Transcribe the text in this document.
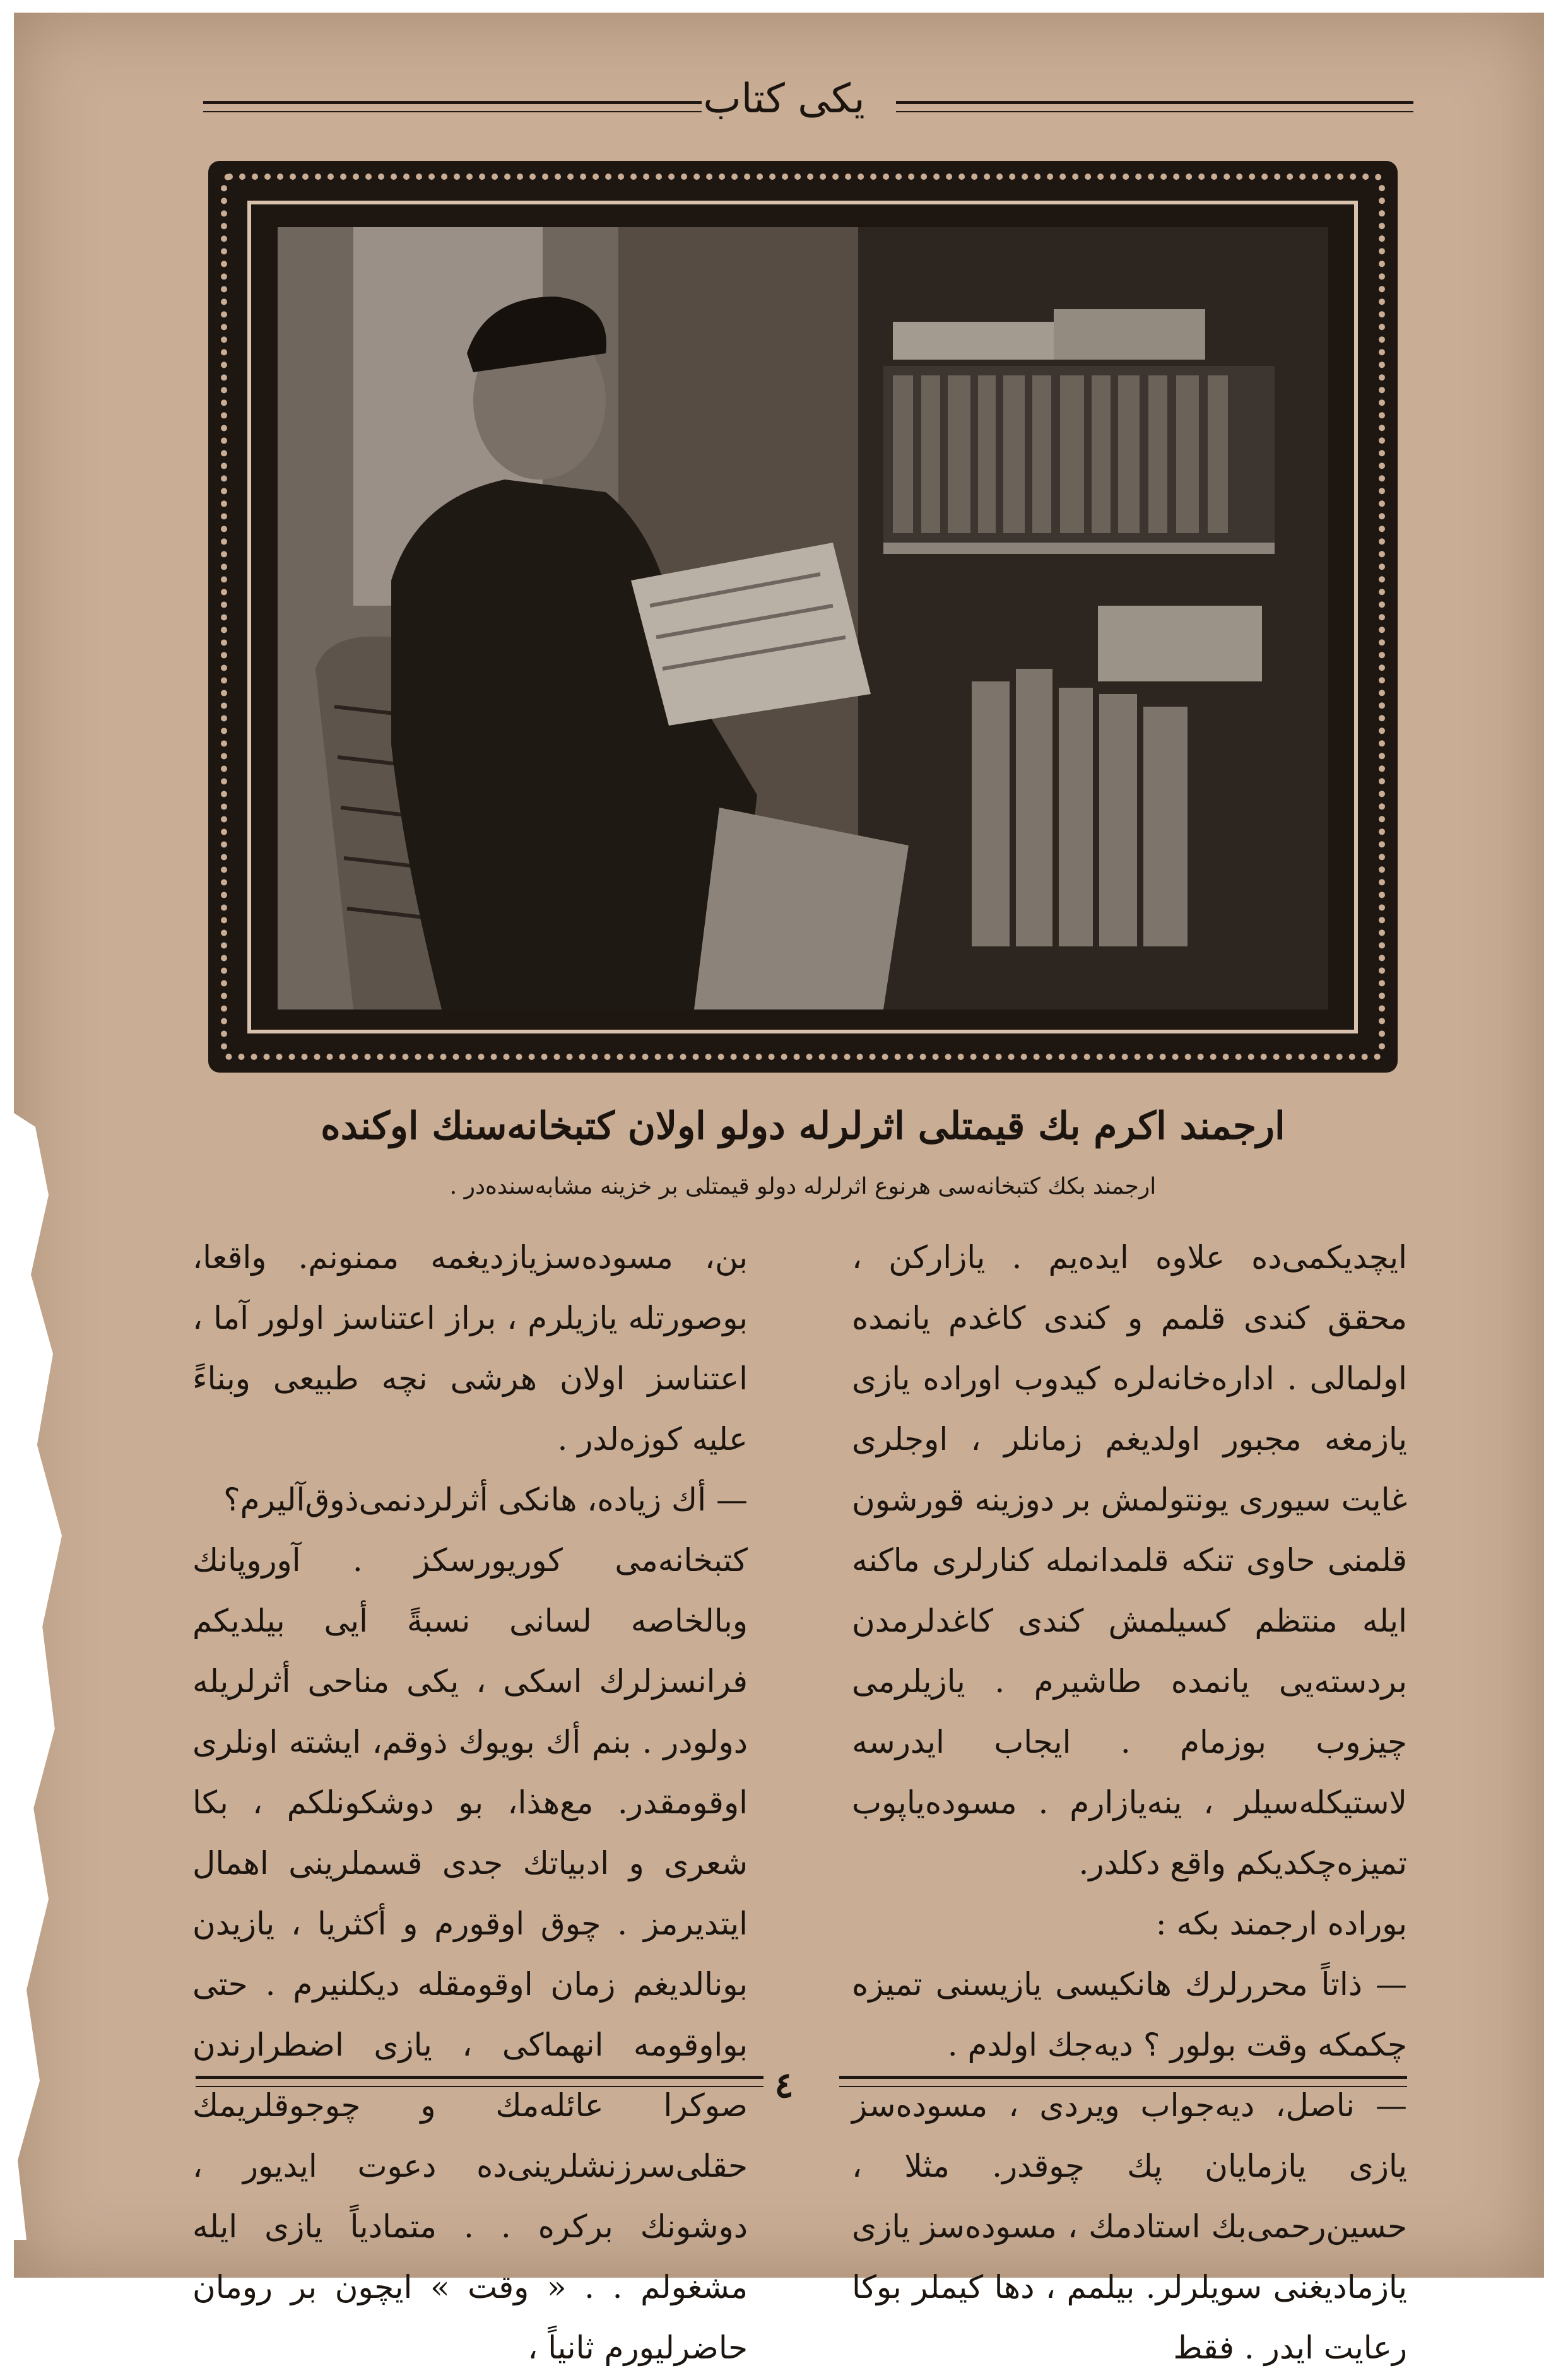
یکی کتاب
ارجمند اکرم بك قیمتلی اثرلرله دولو اولان کتبخانه‌سنك اوکنده
ارجمند بکك کتبخانه‌سی هرنوع اثرلرله دولو قیمتلی بر خزینه مشابه‌سنده‌در .

ایچدیکمی‌ده علاوه ایده‌یم . یازارکن ، محقق کندی قلمم و کندی کاغدم یانمده اولمالی . اداره‌خانه‌لره کیدوب اوراده یازی یازمغه مجبور اولدیغم زمانلر ، اوجلری غایت سیوری یونتولمش بر دوزینه قورشون قلمنی حاوی تنکه قلمدانمله کنارلری ماکنه ایله منتظم کسیلمش کندی کاغدلرمدن بردسته‌یی یانمده طاشیرم . یازیلرمی چیزوب بوزمام . ایجاب ایدرسه لاستیکله‌سیلر ، ینه‌یازارم . مسوده‌یاپوب تمیزه‌چکدیکم واقع دکلدر.

بوراده ارجمند بکه :

— ذاتاً محررلرك هانکیسی یازیسنی تمیزه چکمکه وقت بولور ؟ دیه‌جك اولدم .

— ناصل، دیه‌جواب ویردی ، مسوده‌سز یازی یازمایان پك چوقدر. مثلا ، حسین‌رحمی‌بك استادمك ، مسوده‌سز یازی یازمادیغنی سویلرلر. بیلمم ، دها کیملر بوکا رعایت ایدر . فقط

بن، مسوده‌سزیازدیغمه ممنونم. واقعا، بوصورتله یازیلرم ، براز اعتناسز اولور آما ، اعتناسز اولان هرشی نچه طبیعی وبناءً علیه کوزه‌لدر .

— أك زیاده، هانکی أثرلردنمی‌ذوق‌آلیرم؟

کتبخانه‌می کوریورسکز . آوروپانك وبالخاصه لسانی نسبةً أیی بیلدیکم فرانسزلرك اسکی ، یکی مناحی أثرلریله دولودر . بنم أك بویوك ذوقم، ایشته اونلری اوقومقدر. مع‌هذا، بو دوشکونلکم ، بکا شعری و ادبیاتك جدی قسملرینی اهمال ایتدیرمز . چوق اوقورم و أکثریا ، یازیدن بونالدیغم زمان اوقومقله دیکلنیرم . حتی بواوقومه انهماکی ، یازی اضطرارندن صوکرا عائله‌مك و چوجوقلریمك حقلی‌سرزنشلرینی‌ده دعوت ایدیور ، دوشونك برکره . . متمادیاً یازی ایله مشغولم . . « وقت » ایچون بر رومان حاضرلیورم ثانیاً ،

٤
